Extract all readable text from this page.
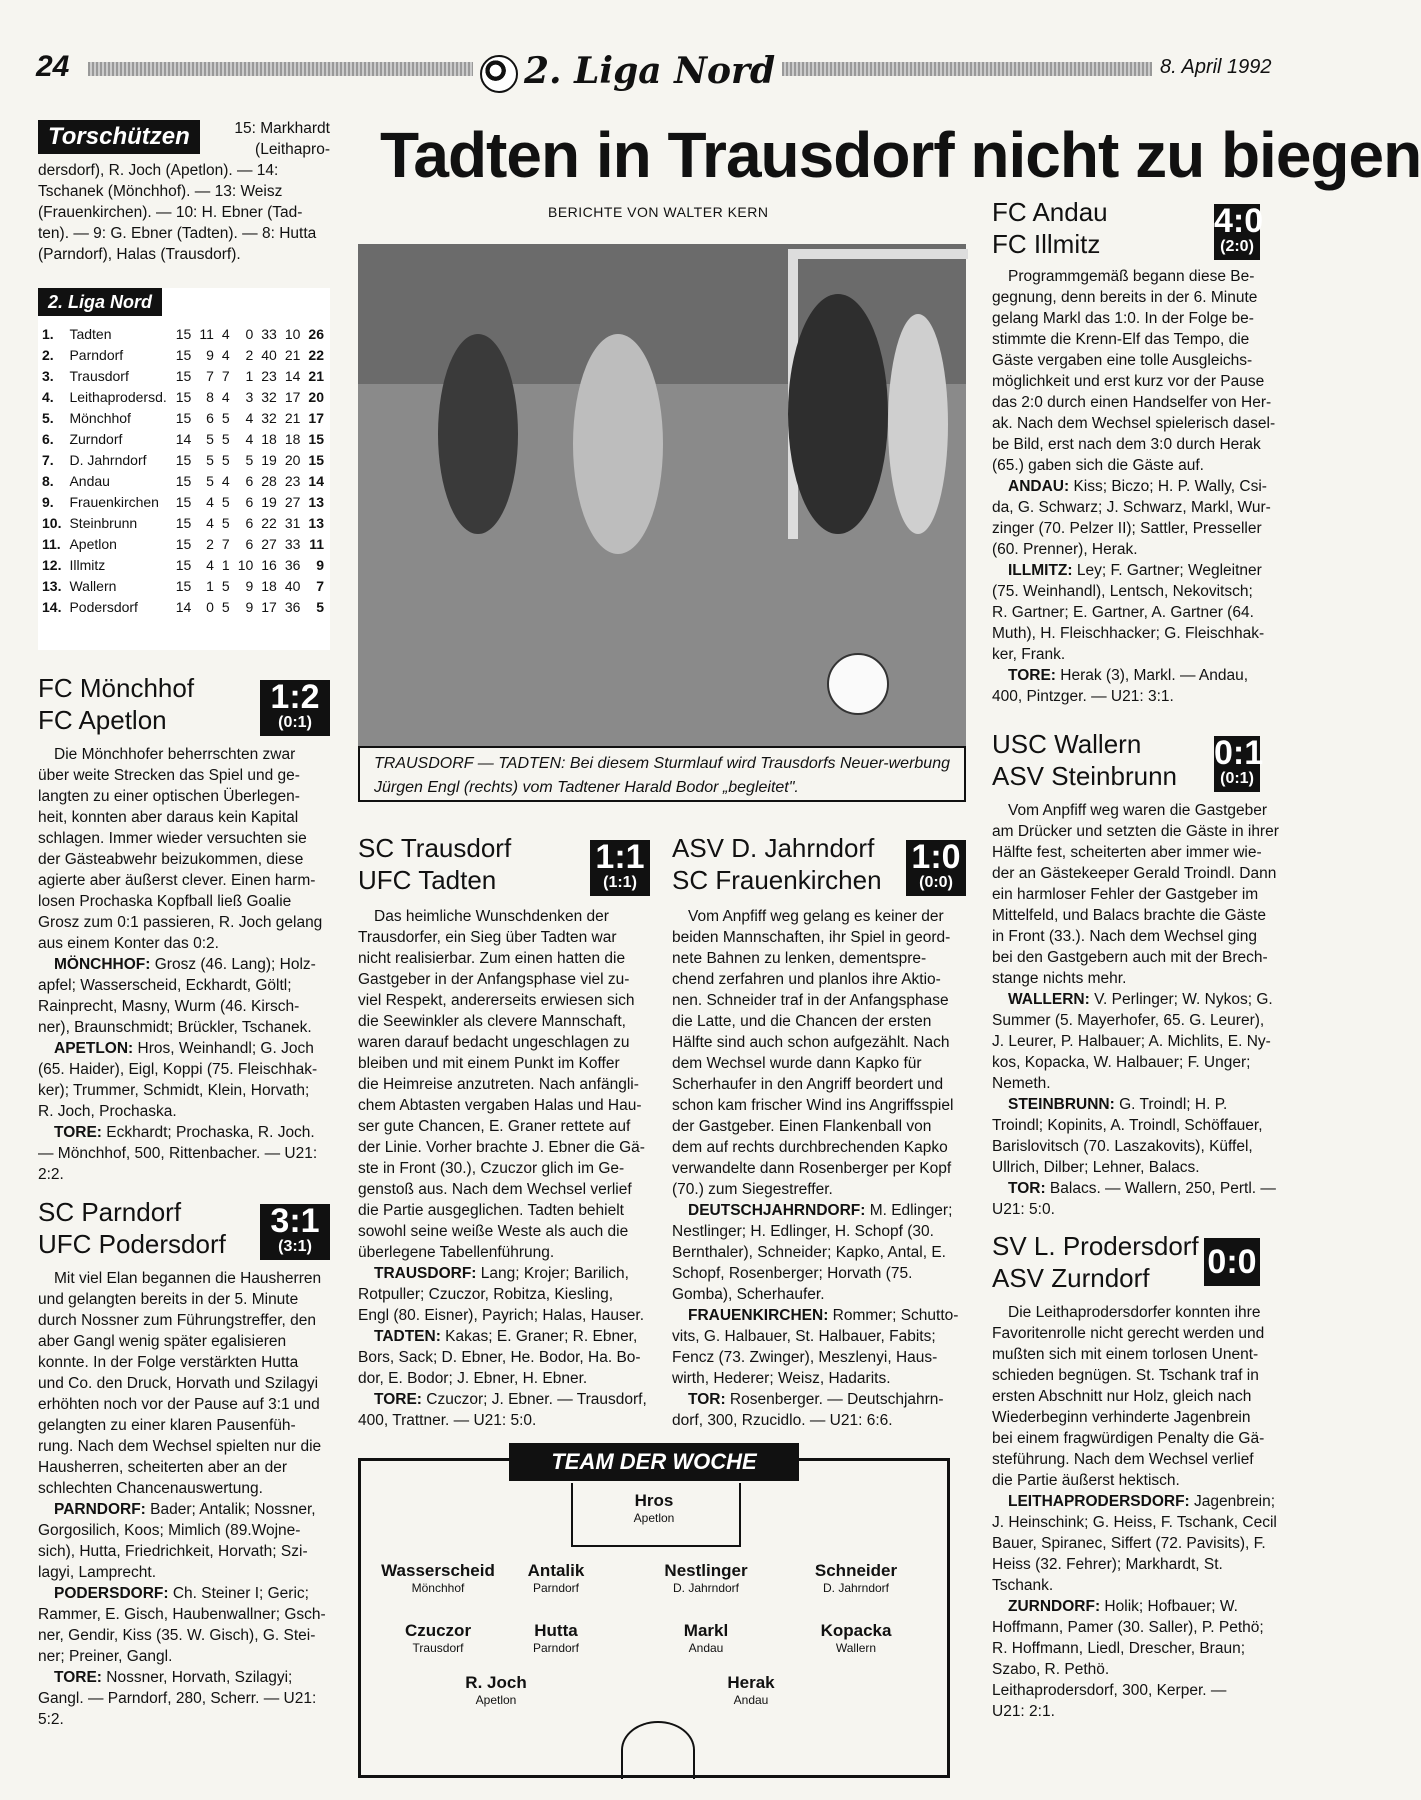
24	2. Liga Nord	8. April 1992
Tadten in Trausdorf nicht zu biegen
BERICHTE VON WALTER KERN
Torschützen	15: Markhardt (Leithapro-
dersdorf), R. Joch (Apetlon). — 14:
Tschanek (Mönchhof). — 13: Weisz
(Frauenkirchen). — 10: H. Ebner (Tad-
ten). — 9: G. Ebner (Tadten). — 8: Hutta
(Parndorf), Halas (Trausdorf).
2. Liga Nord
1.	Tadten	15	11	4	0	33	10	26
2.	Parndorf	15	9	4	2	40	21	22
3.	Trausdorf	15	7	7	1	23	14	21
4.	Leithaprodersd.	15	8	4	3	32	17	20
5.	Mönchhof	15	6	5	4	32	21	17
6.	Zurndorf	14	5	5	4	18	18	15
7.	D. Jahrndorf	15	5	5	5	19	20	15
8.	Andau	15	5	4	6	28	23	14
9.	Frauenkirchen	15	4	5	6	19	27	13
10.	Steinbrunn	15	4	5	6	22	31	13
11.	Apetlon	15	2	7	6	27	33	11
12.	Illmitz	15	4	1	10	16	36	9
13.	Wallern	15	1	5	9	18	40	7
14.	Podersdorf	14	0	5	9	17	36	5
FC Mönchhof
FC Apetlon
1:2
(0:1)
Die Mönchhofer beherrschten zwar
über weite Strecken das Spiel und ge-
langten zu einer optischen Überlegen-
heit, konnten aber daraus kein Kapital
schlagen. Immer wieder versuchten sie
der Gästeabwehr beizukommen, diese
agierte aber äußerst clever. Einen harm-
losen Prochaska Kopfball ließ Goalie
Grosz zum 0:1 passieren, R. Joch gelang
aus einem Konter das 0:2.
MÖNCHHOF: Grosz (46. Lang); Holz-
apfel; Wasserscheid, Eckhardt, Göltl;
Rainprecht, Masny, Wurm (46. Kirsch-
ner), Braunschmidt; Brückler, Tschanek.
APETLON: Hros, Weinhandl; G. Joch
(65. Haider), Eigl, Koppi (75. Fleischhak-
ker); Trummer, Schmidt, Klein, Horvath;
R. Joch, Prochaska.
TORE: Eckhardt; Prochaska, R. Joch.
— Mönchhof, 500, Rittenbacher. — U21:
2:2.
SC Parndorf
UFC Podersdorf
3:1
(3:1)
Mit viel Elan begannen die Hausherren
und gelangten bereits in der 5. Minute
durch Nossner zum Führungstreffer, den
aber Gangl wenig später egalisieren
konnte. In der Folge verstärkten Hutta
und Co. den Druck, Horvath und Szilagyi
erhöhten noch vor der Pause auf 3:1 und
gelangten zu einer klaren Pausenfüh-
rung. Nach dem Wechsel spielten nur die
Hausherren, scheiterten aber an der
schlechten Chancenauswertung.
PARNDORF: Bader; Antalik; Nossner,
Gorgosilich, Koos; Mimlich (89.Wojne-
sich), Hutta, Friedrichkeit, Horvath; Szi-
lagyi, Lamprecht.
PODERSDORF: Ch. Steiner I; Geric;
Rammer, E. Gisch, Haubenwallner; Gsch-
ner, Gendir, Kiss (35. W. Gisch), G. Stei-
ner; Preiner, Gangl.
TORE: Nossner, Horvath, Szilagyi;
Gangl. — Parndorf, 280, Scherr. — U21:
5:2.
TRAUSDORF — TADTEN: Bei diesem Sturmlauf wird Trausdorfs Neuer-werbung Jürgen Engl (rechts) vom Tadtener Harald Bodor „begleitet".
SC Trausdorf
UFC Tadten
1:1
(1:1)
Das heimliche Wunschdenken der
Trausdorfer, ein Sieg über Tadten war
nicht realisierbar. Zum einen hatten die
Gastgeber in der Anfangsphase viel zu-
viel Respekt, andererseits erwiesen sich
die Seewinkler als clevere Mannschaft,
waren darauf bedacht ungeschlagen zu
bleiben und mit einem Punkt im Koffer
die Heimreise anzutreten. Nach anfängli-
chem Abtasten vergaben Halas und Hau-
ser gute Chancen, E. Graner rettete auf
der Linie. Vorher brachte J. Ebner die Gä-
ste in Front (30.), Czuczor glich im Ge-
genstoß aus. Nach dem Wechsel verlief
die Partie ausgeglichen. Tadten behielt
sowohl seine weiße Weste als auch die
überlegene Tabellenführung.
TRAUSDORF: Lang; Krojer; Barilich,
Rotpuller; Czuczor, Robitza, Kiesling,
Engl (80. Eisner), Payrich; Halas, Hauser.
TADTEN: Kakas; E. Graner; R. Ebner,
Bors, Sack; D. Ebner, He. Bodor, Ha. Bo-
dor, E. Bodor; J. Ebner, H. Ebner.
TORE: Czuczor; J. Ebner. — Trausdorf,
400, Trattner. — U21: 5:0.
ASV D. Jahrndorf
SC Frauenkirchen
1:0
(0:0)
Vom Anpfiff weg gelang es keiner der
beiden Mannschaften, ihr Spiel in geord-
nete Bahnen zu lenken, dementspre-
chend zerfahren und planlos ihre Aktio-
nen. Schneider traf in der Anfangsphase
die Latte, und die Chancen der ersten
Hälfte sind auch schon aufgezählt. Nach
dem Wechsel wurde dann Kapko für
Scherhaufer in den Angriff beordert und
schon kam frischer Wind ins Angriffsspiel
der Gastgeber. Einen Flankenball von
dem auf rechts durchbrechenden Kapko
verwandelte dann Rosenberger per Kopf
(70.) zum Siegestreffer.
DEUTSCHJAHRNDORF: M. Edlinger;
Nestlinger; H. Edlinger, H. Schopf (30.
Bernthaler), Schneider; Kapko, Antal, E.
Schopf, Rosenberger; Horvath (75.
Gomba), Scherhaufer.
FRAUENKIRCHEN: Rommer; Schutto-
vits, G. Halbauer, St. Halbauer, Fabits;
Fencz (73. Zwinger), Meszlenyi, Haus-
wirth, Hederer; Weisz, Hadarits.
TOR: Rosenberger. — Deutschjahrn-
dorf, 300, Rzucidlo. — U21: 6:6.
TEAM DER WOCHE
Hros
Apetlon
Wasserscheid
Mönchhof
Antalik
Parndorf
Nestlinger
D. Jahrndorf
Schneider
D. Jahrndorf
Czuczor
Trausdorf
Hutta
Parndorf
Markl
Andau
Kopacka
Wallern
R. Joch
Apetlon
Herak
Andau
FC Andau
FC Illmitz
4:0
(2:0)
Programmgemäß begann diese Be-
gegnung, denn bereits in der 6. Minute
gelang Markl das 1:0. In der Folge be-
stimmte die Krenn-Elf das Tempo, die
Gäste vergaben eine tolle Ausgleichs-
möglichkeit und erst kurz vor der Pause
das 2:0 durch einen Handselfer von Her-
ak. Nach dem Wechsel spielerisch dasel-
be Bild, erst nach dem 3:0 durch Herak
(65.) gaben sich die Gäste auf.
ANDAU: Kiss; Biczo; H. P. Wally, Csi-
da, G. Schwarz; J. Schwarz, Markl, Wur-
zinger (70. Pelzer II); Sattler, Presseller
(60. Prenner), Herak.
ILLMITZ: Ley; F. Gartner; Wegleitner
(75. Weinhandl), Lentsch, Nekovitsch;
R. Gartner; E. Gartner, A. Gartner (64.
Muth), H. Fleischhacker; G. Fleischhak-
ker, Frank.
TORE: Herak (3), Markl. — Andau,
400, Pintzger. — U21: 3:1.
USC Wallern
ASV Steinbrunn
0:1
(0:1)
Vom Anpfiff weg waren die Gastgeber
am Drücker und setzten die Gäste in ihrer
Hälfte fest, scheiterten aber immer wie-
der an Gästekeeper Gerald Troindl. Dann
ein harmloser Fehler der Gastgeber im
Mittelfeld, und Balacs brachte die Gäste
in Front (33.). Nach dem Wechsel ging
bei den Gastgebern auch mit der Brech-
stange nichts mehr.
WALLERN: V. Perlinger; W. Nykos; G.
Summer (5. Mayerhofer, 65. G. Leurer),
J. Leurer, P. Halbauer; A. Michlits, E. Ny-
kos, Kopacka, W. Halbauer; F. Unger;
Nemeth.
STEINBRUNN: G. Troindl; H. P.
Troindl; Kopinits, A. Troindl, Schöffauer,
Barislovitsch (70. Laszakovits), Küffel,
Ullrich, Dilber; Lehner, Balacs.
TOR: Balacs. — Wallern, 250, Pertl. —
U21: 5:0.
SV L. Prodersdorf
ASV Zurndorf	0:0
Die Leithaprodersdorfer konnten ihre
Favoritenrolle nicht gerecht werden und
mußten sich mit einem torlosen Unent-
schieden begnügen. St. Tschank traf in
ersten Abschnitt nur Holz, gleich nach
Wiederbeginn verhinderte Jagenbrein
bei einem fragwürdigen Penalty die Gä-
steführung. Nach dem Wechsel verlief
die Partie äußerst hektisch.
LEITHAPRODERSDORF: Jagenbrein;
J. Heinschink; G. Heiss, F. Tschank, Cecil
Bauer, Spiranec, Siffert (72. Pavisits), F.
Heiss (32. Fehrer); Markhardt, St.
Tschank.
ZURNDORF: Holik; Hofbauer; W.
Hoffmann, Pamer (30. Saller), P. Pethö;
R. Hoffmann, Liedl, Drescher, Braun;
Szabo, R. Pethö.
Leithaprodersdorf, 300, Kerper. —
U21: 2:1.
